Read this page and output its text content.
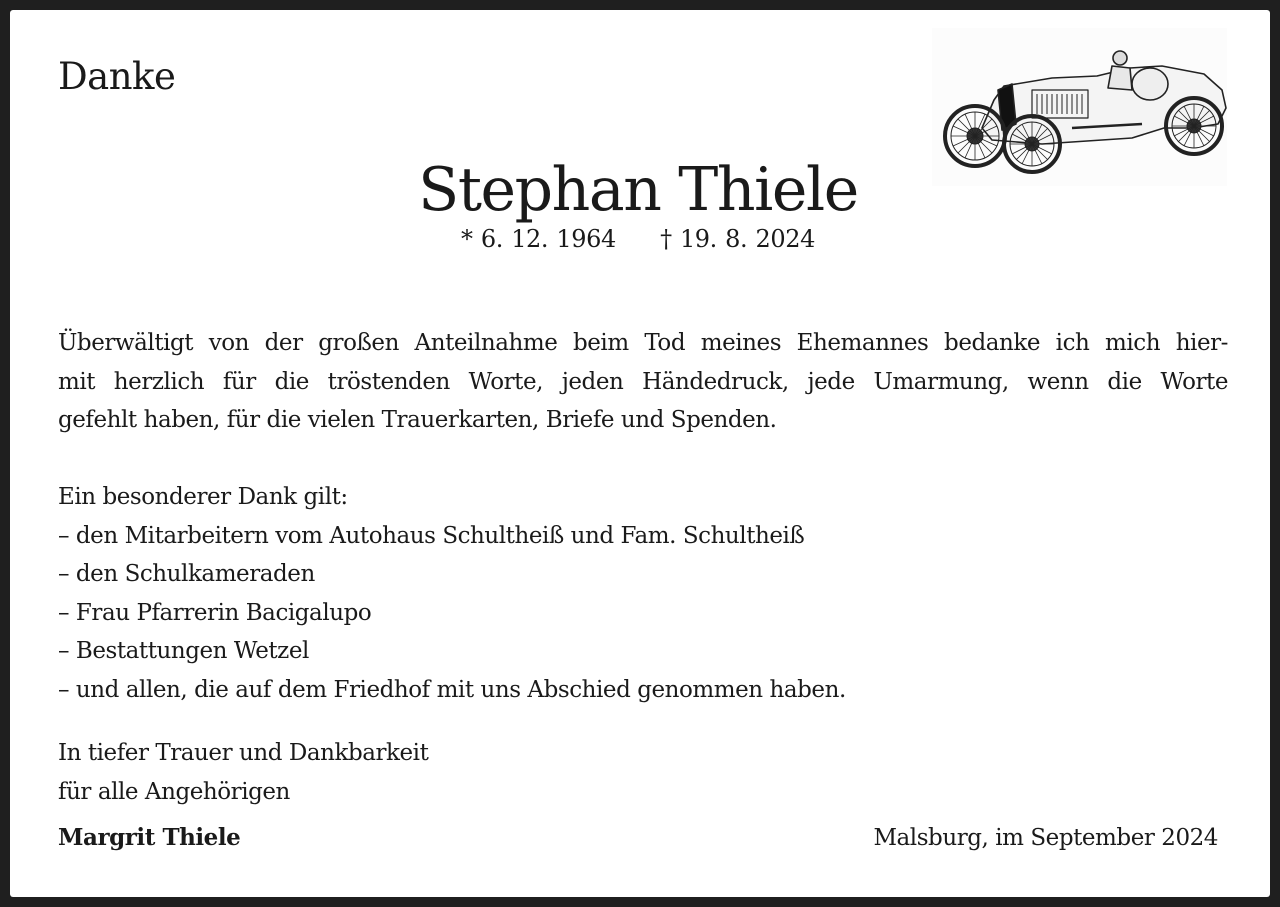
Danke
Stephan Thiele
* 6. 12. 1964 † 19. 8. 2024
Überwältigt von der großen Anteilnahme beim Tod meines Ehemannes bedanke ich mich hier-
mit herzlich für die tröstenden Worte, jeden Händedruck, jede Umarmung, wenn die Worte
gefehlt haben, für die vielen Trauerkarten, Briefe und Spenden.
Ein besonderer Dank gilt:
– den Mitarbeitern vom Autohaus Schultheiß und Fam. Schultheiß
– den Schulkameraden
– Frau Pfarrerin Bacigalupo
– Bestattungen Wetzel
– und allen, die auf dem Friedhof mit uns Abschied genommen haben.
In tiefer Trauer und Dankbarkeit
für alle Angehörigen
Margrit Thiele	Malsburg, im September 2024
